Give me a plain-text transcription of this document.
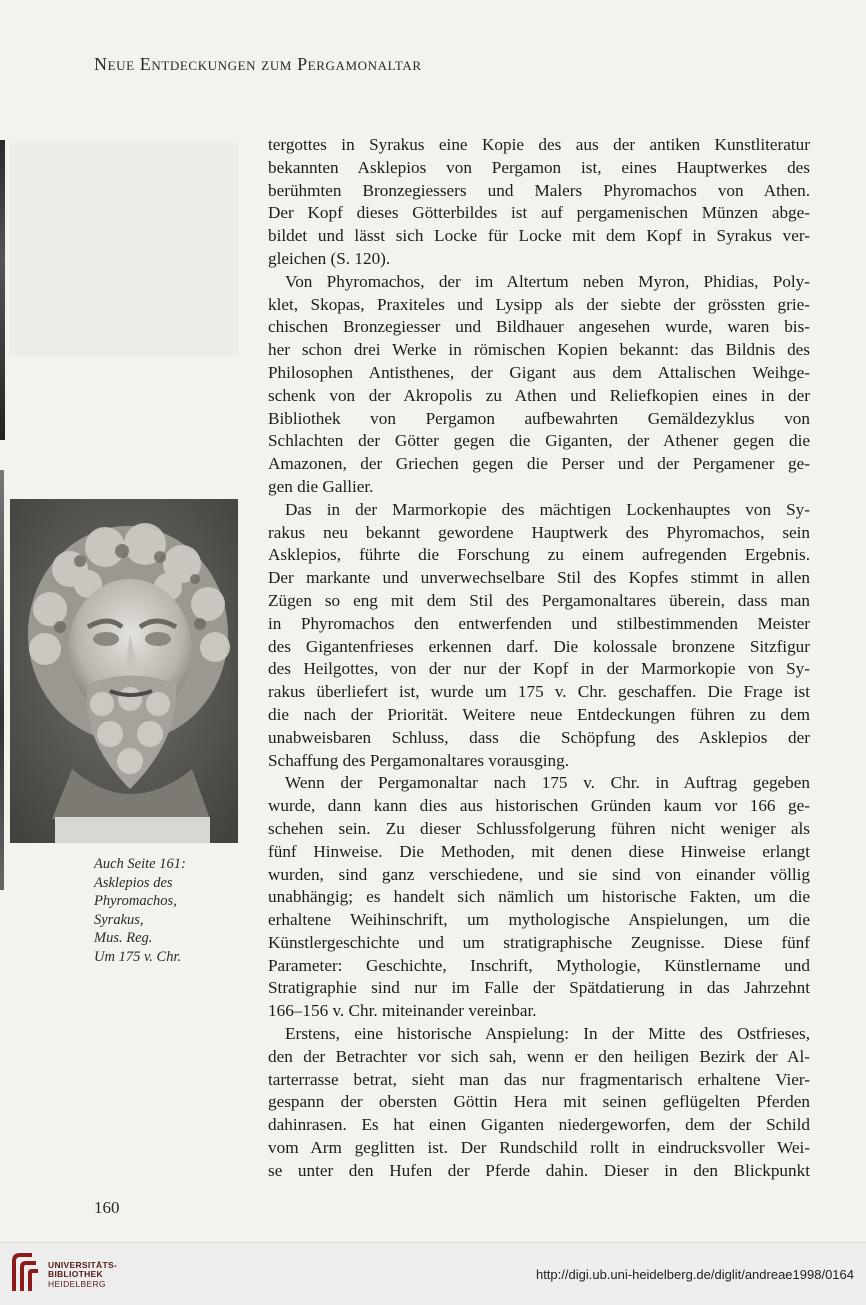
Neue Entdeckungen zum Pergamonaltar
Auch Seite 161:
Asklepios des
Phyromachos,
Syrakus,
Mus. Reg.
Um 175 v. Chr.
tergottes in Syrakus eine Kopie des aus der antiken Kunstliteratur
bekannten Asklepios von Pergamon ist, eines Hauptwerkes des
berühmten Bronzegiessers und Malers Phyromachos von Athen.
Der Kopf dieses Götterbildes ist auf pergamenischen Münzen abge-
bildet und lässt sich Locke für Locke mit dem Kopf in Syrakus ver-
gleichen (S. 120).
Von Phyromachos, der im Altertum neben Myron, Phidias, Poly-
klet, Skopas, Praxiteles und Lysipp als der siebte der grössten grie-
chischen Bronzegiesser und Bildhauer angesehen wurde, waren bis-
her schon drei Werke in römischen Kopien bekannt: das Bildnis des
Philosophen Antisthenes, der Gigant aus dem Attalischen Weihge-
schenk von der Akropolis zu Athen und Reliefkopien eines in der
Bibliothek von Pergamon aufbewahrten Gemäldezyklus von
Schlachten der Götter gegen die Giganten, der Athener gegen die
Amazonen, der Griechen gegen die Perser und der Pergamener ge-
gen die Gallier.
Das in der Marmorkopie des mächtigen Lockenhauptes von Sy-
rakus neu bekannt gewordene Hauptwerk des Phyromachos, sein
Asklepios, führte die Forschung zu einem aufregenden Ergebnis.
Der markante und unverwechselbare Stil des Kopfes stimmt in allen
Zügen so eng mit dem Stil des Pergamonaltares überein, dass man
in Phyromachos den entwerfenden und stilbestimmenden Meister
des Gigantenfrieses erkennen darf. Die kolossale bronzene Sitzfigur
des Heilgottes, von der nur der Kopf in der Marmorkopie von Sy-
rakus überliefert ist, wurde um 175 v. Chr. geschaffen. Die Frage ist
die nach der Priorität. Weitere neue Entdeckungen führen zu dem
unabweisbaren Schluss, dass die Schöpfung des Asklepios der
Schaffung des Pergamonaltares vorausging.
Wenn der Pergamonaltar nach 175 v. Chr. in Auftrag gegeben
wurde, dann kann dies aus historischen Gründen kaum vor 166 ge-
schehen sein. Zu dieser Schlussfolgerung führen nicht weniger als
fünf Hinweise. Die Methoden, mit denen diese Hinweise erlangt
wurden, sind ganz verschiedene, und sie sind von einander völlig
unabhängig; es handelt sich nämlich um historische Fakten, um die
erhaltene Weihinschrift, um mythologische Anspielungen, um die
Künstlergeschichte und um stratigraphische Zeugnisse. Diese fünf
Parameter: Geschichte, Inschrift, Mythologie, Künstlername und
Stratigraphie sind nur im Falle der Spätdatierung in das Jahrzehnt
166–156 v. Chr. miteinander vereinbar.
Erstens, eine historische Anspielung: In der Mitte des Ostfrieses,
den der Betrachter vor sich sah, wenn er den heiligen Bezirk der Al-
tarterrasse betrat, sieht man das nur fragmentarisch erhaltene Vier-
gespann der obersten Göttin Hera mit seinen geflügelten Pferden
dahinrasen. Es hat einen Giganten niedergeworfen, dem der Schild
vom Arm geglitten ist. Der Rundschild rollt in eindrucksvoller Wei-
se unter den Hufen der Pferde dahin. Dieser in den Blickpunkt
160
UNIVERSITÄTS-
BIBLIOTHEK
HEIDELBERG
http://digi.ub.uni-heidelberg.de/diglit/andreae1998/0164
